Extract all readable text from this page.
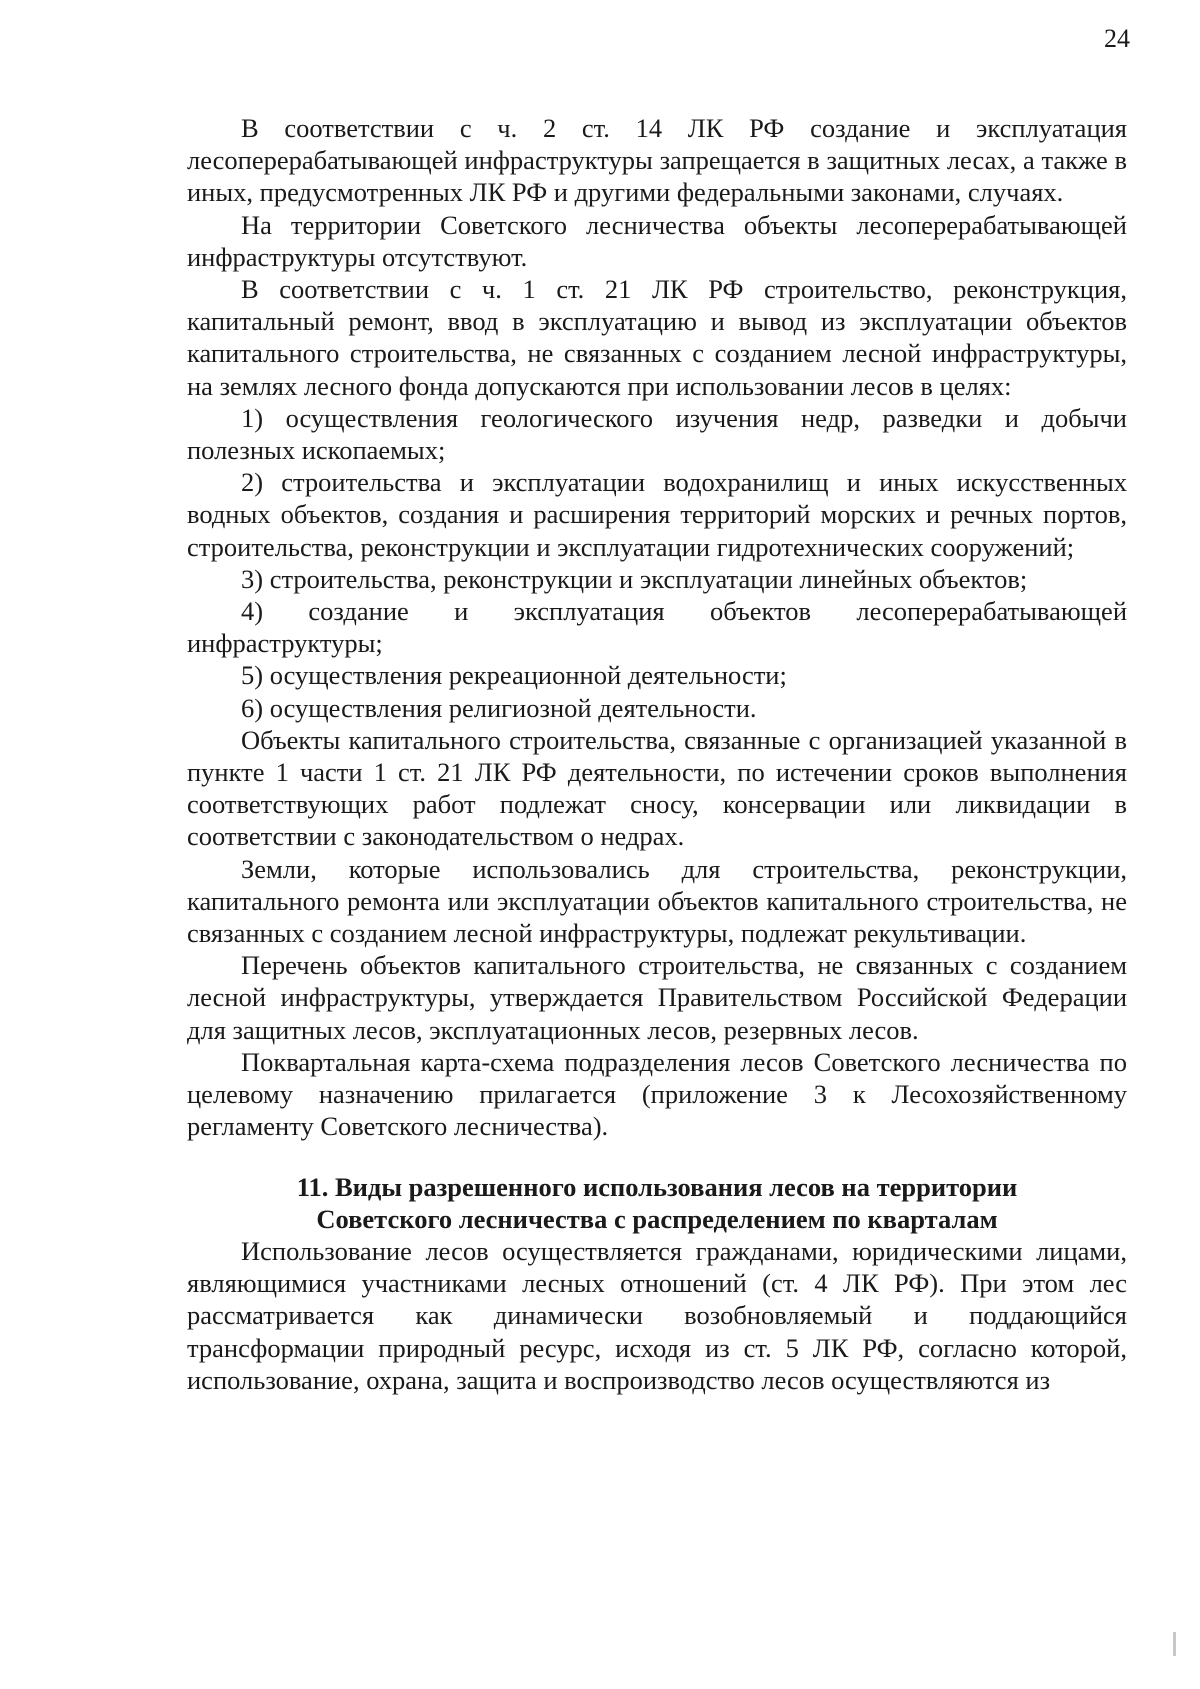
24

В соответствии с ч. 2 ст. 14 ЛК РФ создание и эксплуатация лесоперерабатывающей инфраструктуры запрещается в защитных лесах, а также в иных, предусмотренных ЛК РФ и другими федеральными законами, случаях.

На территории Советского лесничества объекты лесоперерабатывающей инфраструктуры отсутствуют.

В соответствии с ч. 1 ст. 21 ЛК РФ строительство, реконструкция, капитальный ремонт, ввод в эксплуатацию и вывод из эксплуатации объектов капитального строительства, не связанных с созданием лесной инфраструктуры, на землях лесного фонда допускаются при использовании лесов в целях:

1) осуществления геологического изучения недр, разведки и добычи полезных ископаемых;

2) строительства и эксплуатации водохранилищ и иных искусственных водных объектов, создания и расширения территорий морских и речных портов, строительства, реконструкции и эксплуатации гидротехнических сооружений;

3) строительства, реконструкции и эксплуатации линейных объектов;

4) создание и эксплуатация объектов лесоперерабатывающей инфраструктуры;

5) осуществления рекреационной деятельности;

6) осуществления религиозной деятельности.

Объекты капитального строительства, связанные с организацией указанной в пункте 1 части 1 ст. 21 ЛК РФ деятельности, по истечении сроков выполнения соответствующих работ подлежат сносу, консервации или ликвидации в соответствии с законодательством о недрах.

Земли, которые использовались для строительства, реконструкции, капитального ремонта или эксплуатации объектов капитального строительства, не связанных с созданием лесной инфраструктуры, подлежат рекультивации.

Перечень объектов капитального строительства, не связанных с созданием лесной инфраструктуры, утверждается Правительством Российской Федерации для защитных лесов, эксплуатационных лесов, резервных лесов.

Поквартальная карта-схема подразделения лесов Советского лесничества по целевому назначению прилагается (приложение 3 к Лесохозяйственному регламенту Советского лесничества).

11. Виды разрешенного использования лесов на территории
Советского лесничества с распределением по кварталам

Использование лесов осуществляется гражданами, юридическими лицами, являющимися участниками лесных отношений (ст. 4 ЛК РФ). При этом лес рассматривается как динамически возобновляемый и поддающийся трансформации природный ресурс, исходя из ст. 5 ЛК РФ, согласно которой, использование, охрана, защита и воспроизводство лесов осуществляются из
